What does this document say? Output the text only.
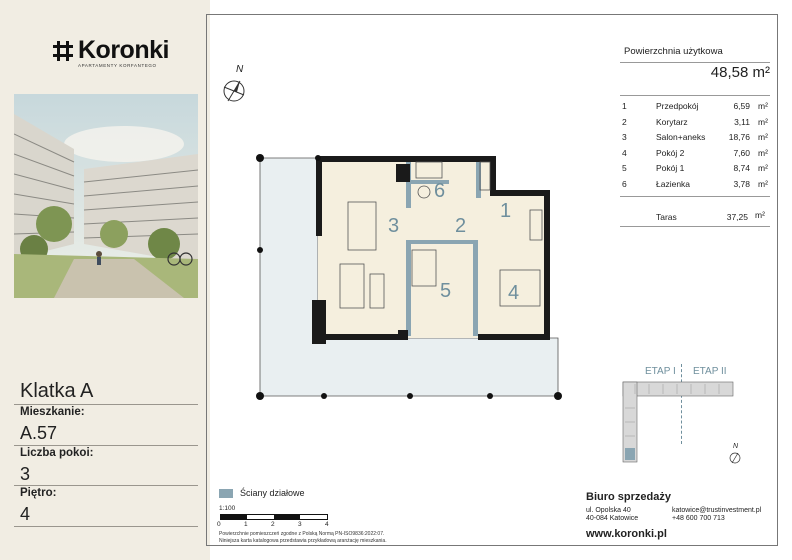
Koronki
APARTAMENTY KORFANTEGO
Klatka A
Mieszkanie:
A.57
Liczba pokoi:
3
Piętro:
4
N
3	2
1
6
5	4
Powierzchnia użytkowa
48,58 m²
1	Przedpokój	6,59 m²
2	Korytarz	3,11 m²
3	Salon+aneks	18,76 m²
4	Pokój 2	7,60 m²
5	Pokój 1	8,74 m²
6	Łazienka	3,78 m²
Taras	37,25 m²
ETAP I ETAP II
N
Ściany działowe
1:100
0	1	2	3	4
Powierzchnie pomieszczeń zgodne z Polską Normą PN-ISO9836:2022:07.
Niniejsza karta katalogowa przedstawia przykładową aranżację mieszkania.
Biuro sprzedaży
ul. Opolska 40
40-084 Katowice
katowice@trustinvestment.pl
+48 600 700 713
www.koronki.pl
